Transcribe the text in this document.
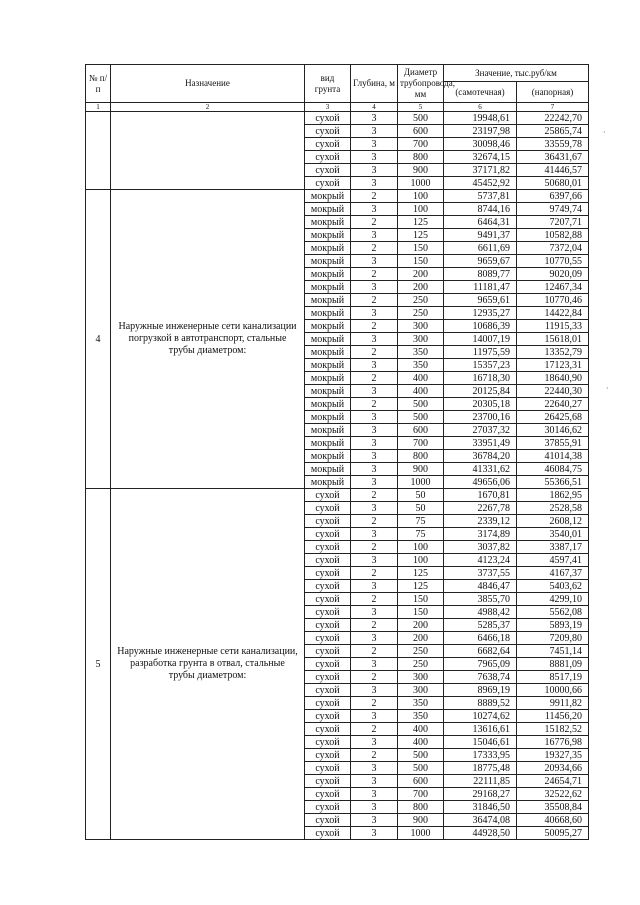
№ п/п	Назначение	вид грунта	Глубина, м	Диаметр трубопровода, мм	Значение, тыс.руб/км	
					(самотечная)	(напорная)
1	2	3	4	5	6	7
		сухой	3	500	19948,61	22242,70
		сухой	3	600	23197,98	25865,74
		сухой	3	700	30098,46	33559,78
		сухой	3	800	32674,15	36431,67
		сухой	3	900	37171,82	41446,57
		сухой	3	1000	45452,92	50680,01
4	Наружные инженерные сети канализации погрузкой в автотранспорт, стальные трубы диаметром:	мокрый	2	100	5737,81	6397,66
		мокрый	3	100	8744,16	9749,74
		мокрый	2	125	6464,31	7207,71
		мокрый	3	125	9491,37	10582,88
		мокрый	2	150	6611,69	7372,04
		мокрый	3	150	9659,67	10770,55
		мокрый	2	200	8089,77	9020,09
		мокрый	3	200	11181,47	12467,34
		мокрый	2	250	9659,61	10770,46
		мокрый	3	250	12935,27	14422,84
		мокрый	2	300	10686,39	11915,33
		мокрый	3	300	14007,19	15618,01
		мокрый	2	350	11975,59	13352,79
		мокрый	3	350	15357,23	17123,31
		мокрый	2	400	16718,30	18640,90
		мокрый	3	400	20125,84	22440,30
		мокрый	2	500	20305,18	22640,27
		мокрый	3	500	23700,16	26425,68
		мокрый	3	600	27037,32	30146,62
		мокрый	3	700	33951,49	37855,91
		мокрый	3	800	36784,20	41014,38
		мокрый	3	900	41331,62	46084,75
		мокрый	3	1000	49656,06	55366,51
5	Наружные инженерные сети канализации, разработка грунта в отвал, стальные трубы диаметром:	сухой	2	50	1670,81	1862,95
		сухой	3	50	2267,78	2528,58
		сухой	2	75	2339,12	2608,12
		сухой	3	75	3174,89	3540,01
		сухой	2	100	3037,82	3387,17
		сухой	3	100	4123,24	4597,41
		сухой	2	125	3737,55	4167,37
		сухой	3	125	4846,47	5403,62
		сухой	2	150	3855,70	4299,10
		сухой	3	150	4988,42	5562,08
		сухой	2	200	5285,37	5893,19
		сухой	3	200	6466,18	7209,80
		сухой	2	250	6682,64	7451,14
		сухой	3	250	7965,09	8881,09
		сухой	2	300	7638,74	8517,19
		сухой	3	300	8969,19	10000,66
		сухой	2	350	8889,52	9911,82
		сухой	3	350	10274,62	11456,20
		сухой	2	400	13616,61	15182,52
		сухой	3	400	15046,61	16776,98
		сухой	2	500	17333,95	19327,35
		сухой	3	500	18775,48	20934,66
		сухой	3	600	22111,85	24654,71
		сухой	3	700	29168,27	32522,62
		сухой	3	800	31846,50	35508,84
		сухой	3	900	36474,08	40668,60
		сухой	3	1000	44928,50	50095,27
·
·
